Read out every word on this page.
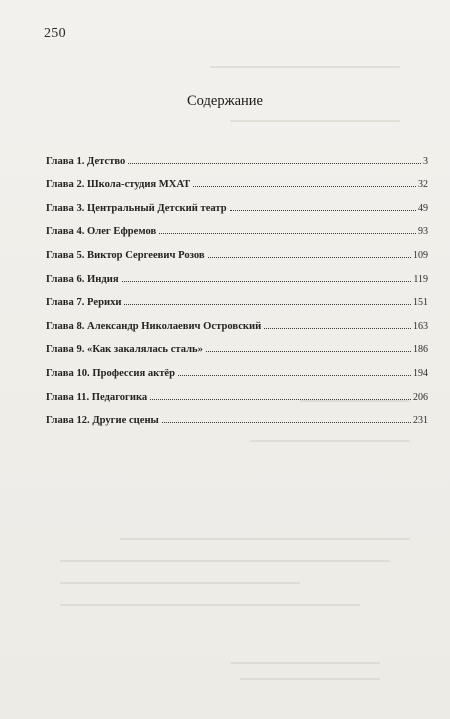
250
Содержание
Глава 1. Детство	3
Глава 2. Школа-студия МХАТ	32
Глава 3. Центральный Детский театр	49
Глава 4. Олег Ефремов	93
Глава 5. Виктор Сергеевич Розов	109
Глава 6. Индия	119
Глава 7. Рерихи	151
Глава 8. Александр Николаевич Островский	163
Глава 9. «Как закалялась сталь»	186
Глава 10. Профессия актёр	194
Глава 11. Педагогика	206
Глава 12. Другие сцены	231
